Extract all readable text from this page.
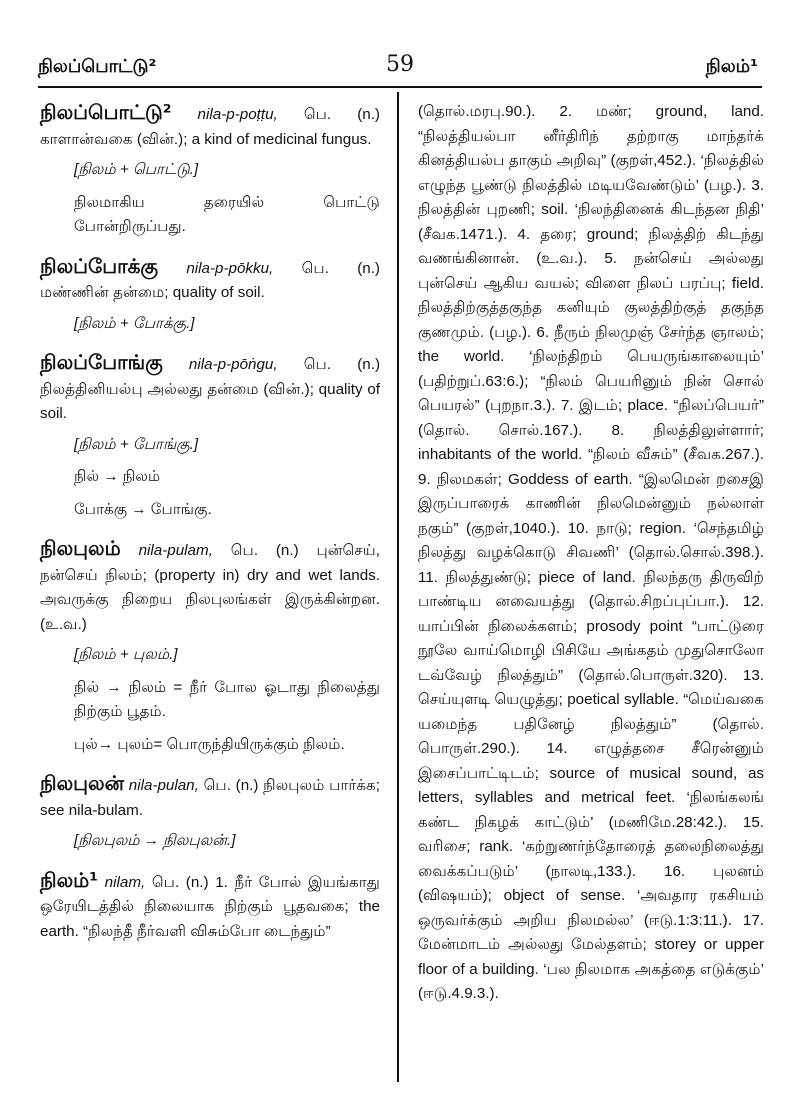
நிலப்பொட்டு²	59	நிலம்¹
நிலப்பொட்டு² nila-p-poṭṭu, பெ. (n.) காளான்வகை (வின்.); a kind of medicinal fungus.

[நிலம் + பொட்டு.]

நிலமாகிய தரையில் பொட்டு போன்றிருப்பது.

நிலப்போக்கு nila-p-pōkku, பெ. (n.) மண்ணின் தன்மை; quality of soil.

[நிலம் + போக்கு.]

நிலப்போங்கு nila-p-pōṅgu, பெ. (n.) நிலத்தினியல்பு அல்லது தன்மை (வின்.); quality of soil.

[நிலம் + போங்கு.]

நில் → நிலம்

போக்கு → போங்கு.

நிலபுலம் nila-pulam, பெ. (n.) புன்செய், நன்செய் நிலம்; (property in) dry and wet lands. அவருக்கு நிறைய நிலபுலங்கள் இருக்கின்றன. (உ.வ.)

[நிலம் + புலம்.]

நில் → நிலம் = நீர் போல ஓடாது நிலைத்து நிற்கும் பூதம்.

புல்→ புலம்= பொருந்தியிருக்கும் நிலம்.

நிலபுலன் nila-pulan, பெ. (n.) நிலபுலம் பார்க்க; see nila-bulam.

[நிலபுலம் → நிலபுலன்.]

நிலம்¹ nilam, பெ. (n.) 1. நீர் போல் இயங்காது ஒரேயிடத்தில் நிலையாக நிற்கும் பூதவகை; the earth. “நிலந்தீ நீர்வளி விசும்போ டைந்தும்”

(தொல்.மரபு.90.). 2. மண்; ground, land. “நிலத்தியல்பா னீர்திரிந் தற்றாகு மாந்தர்க் கினத்தியல்ப தாகும் அறிவு” (குறள்,452.). ‘நிலத்தில் எழுந்த பூண்டு நிலத்தில் மடியவேண்டும்’ (பழ.). 3. நிலத்தின் புறணி; soil. ‘நிலந்தினைக் கிடந்தன நிதி’ (சீவக.1471.). 4. தரை; ground; நிலத்திற் கிடந்து வணங்கினான். (உ.வ.). 5. நன்செய் அல்லது புன்செய் ஆகிய வயல்; விளை நிலப் பரப்பு; field. நிலத்திற்குத்தகுந்த கனியும் குலத்திற்குத் தகுந்த குணமும். (பழ.). 6. நீரும் நிலமுஞ் சேர்ந்த ஞாலம்; the world. ‘நிலந்திறம் பெயருங்காலையும்’ (பதிற்றுப்.63:6.); “நிலம் பெயரினும் நின் சொல் பெயரல்” (புறநா.3.). 7. இடம்; place. “நிலப்பெயர்” (தொல். சொல்.167.). 8. நிலத்திலுள்ளார்; inhabitants of the world. “நிலம் வீசும்” (சீவக.267.). 9. நிலமகள்; Goddess of earth. “இலமென் றசைஇ இருப்பாரைக் காணின் நிலமென்னும் நல்லாள் நகும்” (குறள்,1040.). 10. நாடு; region. ‘செந்தமிழ் நிலத்து வழக்கொடு சிவணி’ (தொல்.சொல்.398.). 11. நிலத்துண்டு; piece of land. நிலந்தரு திருவிற் பாண்டிய னவையத்து (தொல்.சிறப்புப்பா.). 12. யாப்பின் நிலைக்களம்; prosody point “பாட்டுரை நூலே வாய்மொழி பிசியே அங்கதம் முதுசொலோ டவ்வேழ் நிலத்தும்” (தொல்.பொருள்.320). 13. செய்யுளடி யெழுத்து; poetical syllable. “மெய்வகை யமைந்த பதினேழ் நிலத்தும்” (தொல். பொருள்.290.). 14. எழுத்தசை சீரென்னும் இசைப்பாட்டிடம்; source of musical sound, as letters, syllables and metrical feet. ‘நிலங்கலங் கண்ட நிகழக் காட்டும்’ (மணிமே.28:42.). 15. வரிசை; rank. ‘கற்றுணர்ந்தோரைத் தலைநிலைத்து வைக்கப்படும்’ (நாலடி,133.). 16. புலனம் (விஷயம்); object of sense. ‘அவதார ரகசியம் ஒருவர்க்கும் அறிய நிலமல்ல’ (ஈடு.1:3:11.). 17. மேன்மாடம் அல்லது மேல்தளம்; storey or upper floor of a building. ‘பல நிலமாக அகத்தை எடுக்கும்’ (ஈடு.4.9.3.).
